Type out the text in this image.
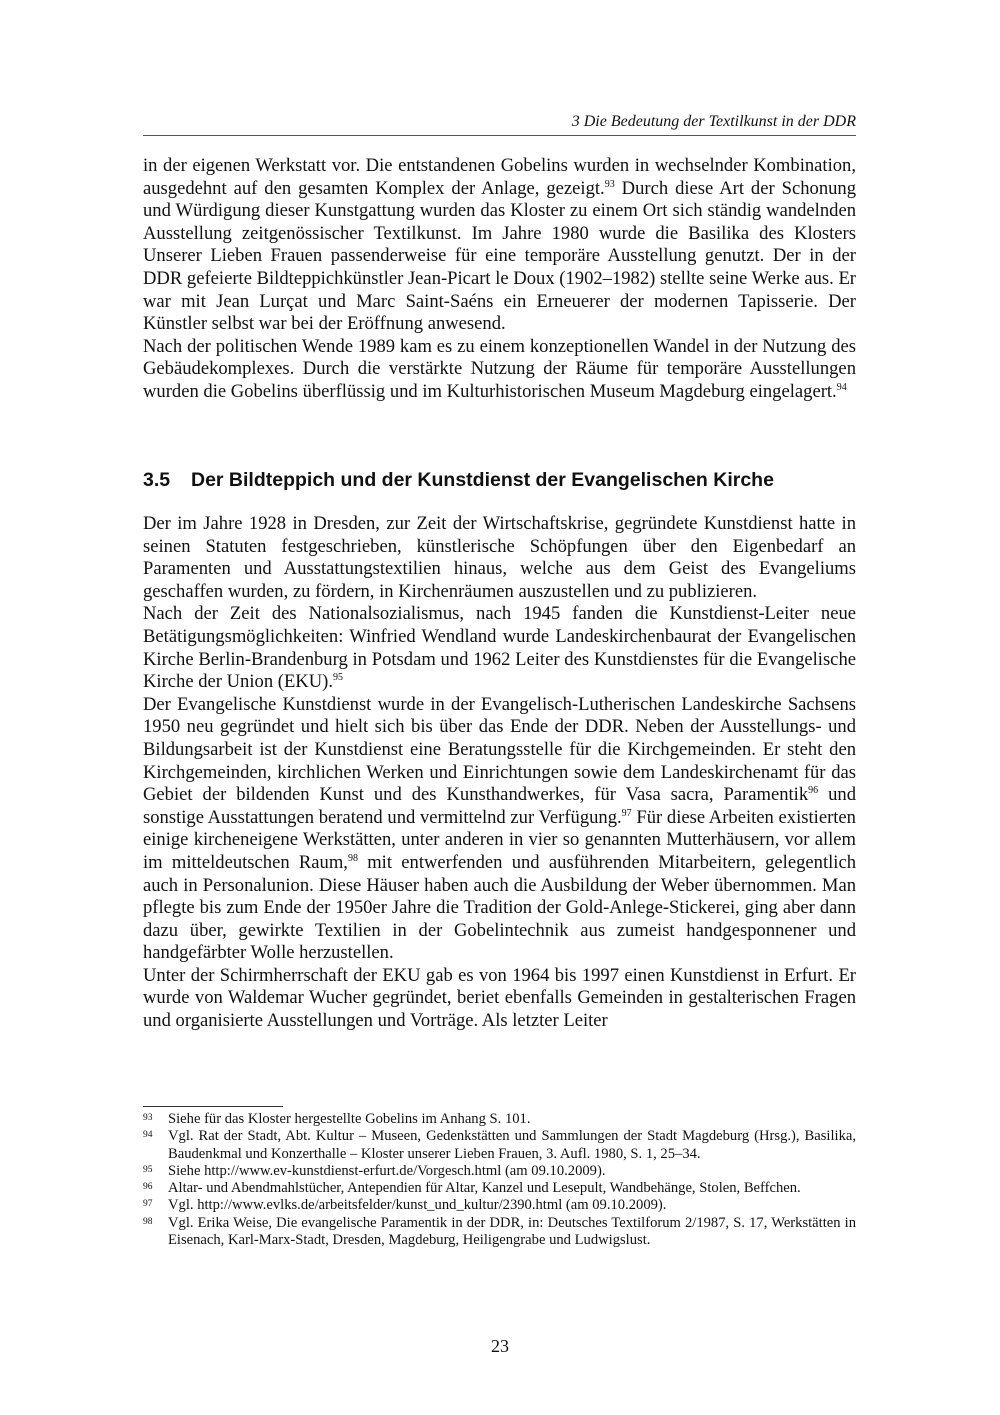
3 Die Bedeutung der Textilkunst in der DDR

in der eigenen Werkstatt vor. Die entstandenen Gobelins wurden in wechselnder Kombination, ausgedehnt auf den gesamten Komplex der Anlage, gezeigt.$^{93}$ Durch diese Art der Schonung und Würdigung dieser Kunstgattung wurden das Kloster zu einem Ort sich ständig wandelnden Ausstellung zeitgenössischer Textilkunst. Im Jahre 1980 wurde die Basilika des Klosters Unserer Lieben Frauen passenderweise für eine temporäre Ausstellung genutzt. Der in der DDR gefeierte Bildteppichkünstler Jean-Picart le Doux (1902–1982) stellte seine Werke aus. Er war mit Jean Lurçat und Marc Saint-Saéns ein Erneuerer der modernen Tapisserie. Der Künstler selbst war bei der Eröffnung anwesend.

Nach der politischen Wende 1989 kam es zu einem konzeptionellen Wandel in der Nutzung des Gebäudekomplexes. Durch die verstärkte Nutzung der Räume für temporäre Ausstellungen wurden die Gobelins überflüssig und im Kulturhistorischen Museum Magdeburg eingelagert.$^{94}$

3.5 Der Bildteppich und der Kunstdienst der Evangelischen Kirche

Der im Jahre 1928 in Dresden, zur Zeit der Wirtschaftskrise, gegründete Kunstdienst hatte in seinen Statuten festgeschrieben, künstlerische Schöpfungen über den Eigenbedarf an Paramenten und Ausstattungstextilien hinaus, welche aus dem Geist des Evangeliums geschaffen wurden, zu fördern, in Kirchenräumen auszustellen und zu publizieren.

Nach der Zeit des Nationalsozialismus, nach 1945 fanden die Kunstdienst-Leiter neue Betätigungsmöglichkeiten: Winfried Wendland wurde Landeskirchenbaurat der Evangelischen Kirche Berlin-Brandenburg in Potsdam und 1962 Leiter des Kunstdienstes für die Evangelische Kirche der Union (EKU).$^{95}$

Der Evangelische Kunstdienst wurde in der Evangelisch-Lutherischen Landeskirche Sachsens 1950 neu gegründet und hielt sich bis über das Ende der DDR. Neben der Ausstellungs- und Bildungsarbeit ist der Kunstdienst eine Beratungsstelle für die Kirchgemeinden. Er steht den Kirchgemeinden, kirchlichen Werken und Einrichtungen sowie dem Landeskirchenamt für das Gebiet der bildenden Kunst und des Kunsthandwerkes, für Vasa sacra, Paramentik$^{96}$ und sonstige Ausstattungen beratend und vermittelnd zur Verfügung.$^{97}$ Für diese Arbeiten existierten einige kircheneigene Werkstätten, unter anderen in vier so genannten Mutterhäusern, vor allem im mitteldeutschen Raum,$^{98}$ mit entwerfenden und ausführenden Mitarbeitern, gelegentlich auch in Personalunion. Diese Häuser haben auch die Ausbildung der Weber übernommen. Man pflegte bis zum Ende der 1950er Jahre die Tradition der Gold-Anlege-Stickerei, ging aber dann dazu über, gewirkte Textilien in der Gobelintechnik aus zumeist handgesponnener und handgefärbter Wolle herzustellen.

Unter der Schirmherrschaft der EKU gab es von 1964 bis 1997 einen Kunstdienst in Erfurt. Er wurde von Waldemar Wucher gegründet, beriet ebenfalls Gemeinden in gestalterischen Fragen und organisierte Ausstellungen und Vorträge. Als letzter Leiter

93	Siehe für das Kloster hergestellte Gobelins im Anhang S. 101.
94	Vgl. Rat der Stadt, Abt. Kultur – Museen, Gedenkstätten und Sammlungen der Stadt Magdeburg (Hrsg.), Basilika, Baudenkmal und Konzerthalle – Kloster unserer Lieben Frauen, 3. Aufl. 1980, S. 1, 25–34.
95	Siehe http://www.ev-kunstdienst-erfurt.de/Vorgesch.html (am 09.10.2009).
96	Altar- und Abendmahlstücher, Antependien für Altar, Kanzel und Lesepult, Wandbehänge, Stolen, Beffchen.
97	Vgl. http://www.evlks.de/arbeitsfelder/kunst_und_kultur/2390.html (am 09.10.2009).
98	Vgl. Erika Weise, Die evangelische Paramentik in der DDR, in: Deutsches Textilforum 2/1987, S. 17, Werkstätten in Eisenach, Karl-Marx-Stadt, Dresden, Magdeburg, Heiligengrabe und Ludwigslust.
23
